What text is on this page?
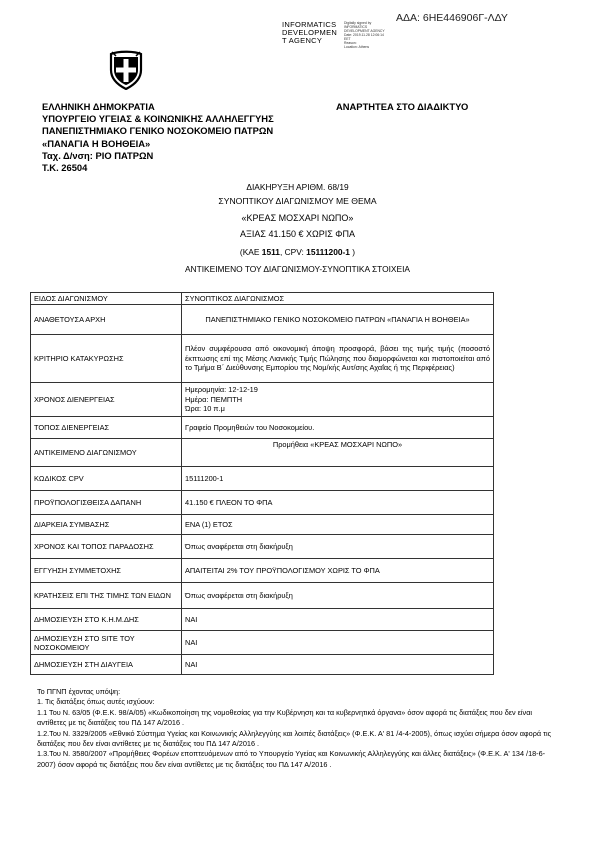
ΑΔΑ: 6ΗΕ446906Γ-ΛΔΥ
INFORMATICS
DEVELOPMEN
T AGENCY
Digitally signed by
INFORMATICS
DEVELOPMENT AGENCY
Date: 2019.11.28 12:06:14
EET
Reason:
Location: Athens
ΕΛΛΗΝΙΚΗ ΔΗΜΟΚΡΑΤΙΑ
ΥΠΟΥΡΓΕΙΟ ΥΓΕΙΑΣ & ΚΟΙΝΩΝΙΚΗΣ ΑΛΛΗΛΕΓΓΥΗΣ
ΠΑΝΕΠΙΣΤΗΜΙΑΚΟ ΓΕΝΙΚΟ ΝΟΣΟΚΟΜΕΙΟ ΠΑΤΡΩΝ
«ΠΑΝΑΓΙΑ Η ΒΟΗΘΕΙΑ»
Ταχ. Δ/νση: ΡΙΟ ΠΑΤΡΩΝ
Τ.Κ. 26504
ΑΝΑΡΤΗΤΕΑ ΣΤΟ ΔΙΑΔΙΚΤΥΟ
ΔΙΑΚΗΡΥΞΗ ΑΡΙΘΜ. 68/19
ΣΥΝΟΠΤΙΚΟΥ ΔΙΑΓΩΝΙΣΜΟΥ ΜΕ ΘΕΜΑ
«ΚΡΕΑΣ ΜΟΣΧΑΡΙ ΝΩΠΟ»
ΑΞΙΑΣ 41.150 € ΧΩΡΙΣ ΦΠΑ
(ΚΑΕ 1511, CPV: 15111200-1 )
ΑΝΤΙΚΕΙΜΕΝΟ ΤΟΥ ΔΙΑΓΩΝΙΣΜΟΥ-ΣΥΝΟΠΤΙΚΑ ΣΤΟΙΧΕΙΑ
ΕΙΔΟΣ ΔΙΑΓΩΝΙΣΜΟΥ	ΣΥΝΟΠΤΙΚΟΣ ΔΙΑΓΩΝΙΣΜΟΣ
ΑΝΑΘΕΤΟΥΣΑ ΑΡΧΗ	ΠΑΝΕΠΙΣΤΗΜΙΑΚΟ ΓΕΝΙΚΟ ΝΟΣΟΚΟΜΕΙΟ ΠΑΤΡΩΝ «ΠΑΝΑΓΙΑ Η ΒΟΗΘΕΙΑ»
ΚΡΙΤΗΡΙΟ ΚΑΤΑΚΥΡΩΣΗΣ	Πλέον συμφέρουσα από οικονομική άποψη προσφορά, βάσει της τιμής τιμής (ποσοστό έκπτωσης επί της Μέσης Λιανικής Τιμής Πώλησης που διαμορφώνεται και πιστοποιείται από το Τμήμα Β΄ Διεύθυνσης Εμπορίου της Νομ/κής Αυτ/σης Αχαΐας ή της Περιφέρειας)
ΧΡΟΝΟΣ ΔΙΕΝΕΡΓΕΙΑΣ	Ημερομηνία: 12-12-19
Ημέρα: ΠΕΜΠΤΗ
Ώρα: 10 π.μ

ΤΟΠΟΣ ΔΙΕΝΕΡΓΕΙΑΣ	Γραφείο Προμηθειών του Νοσοκομείου.
ΑΝΤΙΚΕΙΜΕΝΟ ΔΙΑΓΩΝΙΣΜΟΥ	Προμήθεια «ΚΡΕΑΣ ΜΟΣΧΑΡΙ ΝΩΠΟ»
ΚΩΔΙΚΟΣ CPV	15111200-1
ΠΡΟΫΠΟΛΟΓΙΣΘΕΙΣΑ ΔΑΠΑΝΗ	41.150 € ΠΛΕΟΝ ΤΟ ΦΠΑ
ΔΙΑΡΚΕΙΑ ΣΥΜΒΑΣΗΣ	ΕΝΑ (1) ΕΤΟΣ
ΧΡΟΝΟΣ ΚΑΙ ΤΟΠΟΣ ΠΑΡΑΔΟΣΗΣ	Όπως αναφέρεται στη διακήρυξη
ΕΓΓΥΗΣΗ ΣΥΜΜΕΤΟΧΗΣ	ΑΠΑΙΤΕΙΤΑΙ 2% ΤΟΥ ΠΡΟΫΠΟΛΟΓΙΣΜΟΥ ΧΩΡΙΣ ΤΟ ΦΠΑ
ΚΡΑΤΗΣΕΙΣ ΕΠΙ ΤΗΣ ΤΙΜΗΣ ΤΩΝ ΕΙΔΩΝ	Όπως αναφέρεται στη διακήρυξη
ΔΗΜΟΣΙΕΥΣΗ ΣΤΟ Κ.Η.Μ.ΔΗΣ	ΝΑΙ
ΔΗΜΟΣΙΕΥΣΗ ΣΤΟ SITE ΤΟΥ ΝΟΣΟΚΟΜΕΙΟΥ	ΝΑΙ
ΔΗΜΟΣΙΕΥΣΗ ΣΤΗ ΔΙΑΥΓΕΙΑ	ΝΑΙ
Το ΠΓΝΠ έχοντας υπόψη:
1. Τις διατάξεις όπως αυτές ισχύουν:
1.1 Του Ν. 63/05 (Φ.Ε.Κ. 98/Α/05) «Κωδικοποίηση της νομοθεσίας για την Κυβέρνηση και τα κυβερνητικά όργανα» όσον αφορά τις διατάξεις που δεν είναι αντίθετες με τις διατάξεις του ΠΔ 147 Α/2016 .
1.2.Του Ν. 3329/2005 «Εθνικό Σύστημα Υγείας και Κοινωνικής Αλληλεγγύης και λοιπές διατάξεις» (Φ.Ε.Κ. Α' 81 /4-4-2005), όπως ισχύει σήμερα όσον αφορά τις διατάξεις που δεν είναι αντίθετες με τις διατάξεις του ΠΔ 147 Α/2016 .
1.3.Του Ν. 3580/2007 «Προμήθειες Φορέων εποπτευόμενων από το Υπουργείο Υγείας και Κοινωνικής Αλληλεγγύης και άλλες διατάξεις» (Φ.Ε.Κ. Α' 134 /18-6-2007) όσον αφορά τις διατάξεις που δεν είναι αντίθετες με τις διατάξεις του ΠΔ 147 Α/2016 .
